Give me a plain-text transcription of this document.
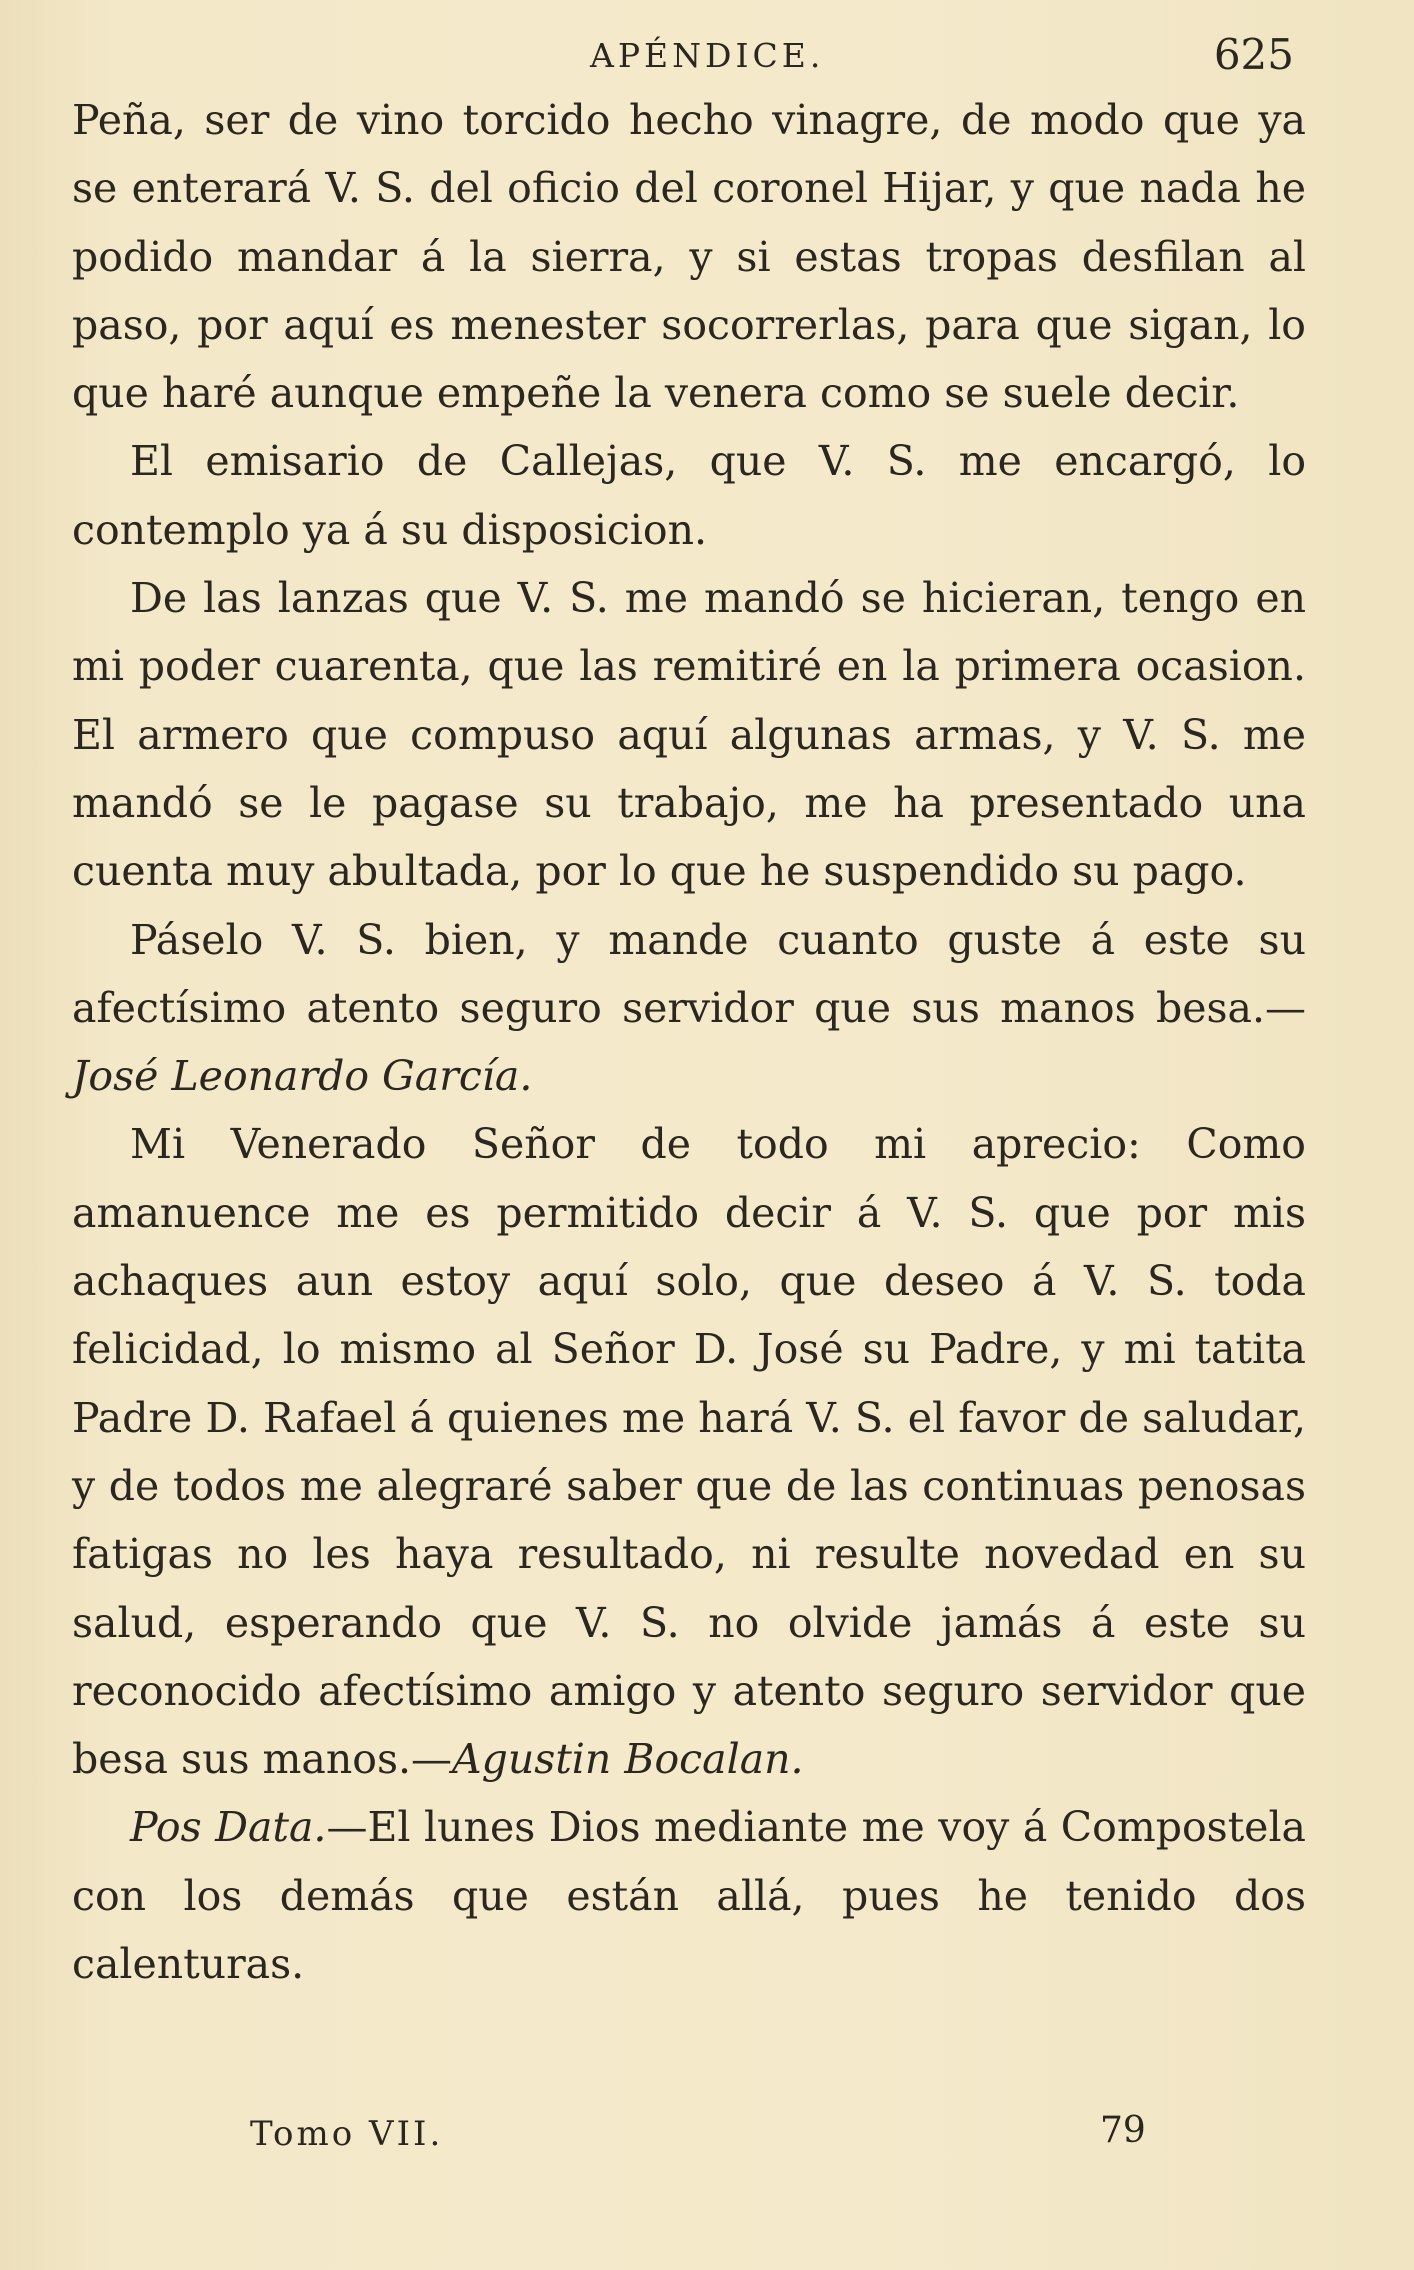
APÉNDICE.	625

Peña, ser de vino torcido hecho vinagre, de modo que ya se enterará V. S. del oficio del coronel Hijar, y que nada he podido mandar á la sierra, y si estas tropas desfilan al paso, por aquí es menester socorrerlas, para que sigan, lo que haré aunque empeñe la venera como se suele decir.

El emisario de Callejas, que V. S. me encargó, lo contemplo ya á su disposicion.

De las lanzas que V. S. me mandó se hicieran, tengo en mi poder cuarenta, que las remitiré en la primera ocasion. El armero que compuso aquí algunas armas, y V. S. me mandó se le pagase su trabajo, me ha presentado una cuenta muy abultada, por lo que he suspendido su pago.

Páselo V. S. bien, y mande cuanto guste á este su afectísimo atento seguro servidor que sus manos besa.— José Leonardo García.

Mi Venerado Señor de todo mi aprecio: Como amanuence me es permitido decir á V. S. que por mis achaques aun estoy aquí solo, que deseo á V. S. toda felicidad, lo mismo al Señor D. José su Padre, y mi tatita Padre D. Rafael á quienes me hará V. S. el favor de saludar, y de todos me alegraré saber que de las continuas penosas fatigas no les haya resultado, ni resulte novedad en su salud, esperando que V. S. no olvide jamás á este su reconocido afectísimo amigo y atento seguro servidor que besa sus manos.—Agustin Bocalan.

Pos Data.—El lunes Dios mediante me voy á Compostela con los demás que están allá, pues he tenido dos calenturas.

Tomo VII.	79
